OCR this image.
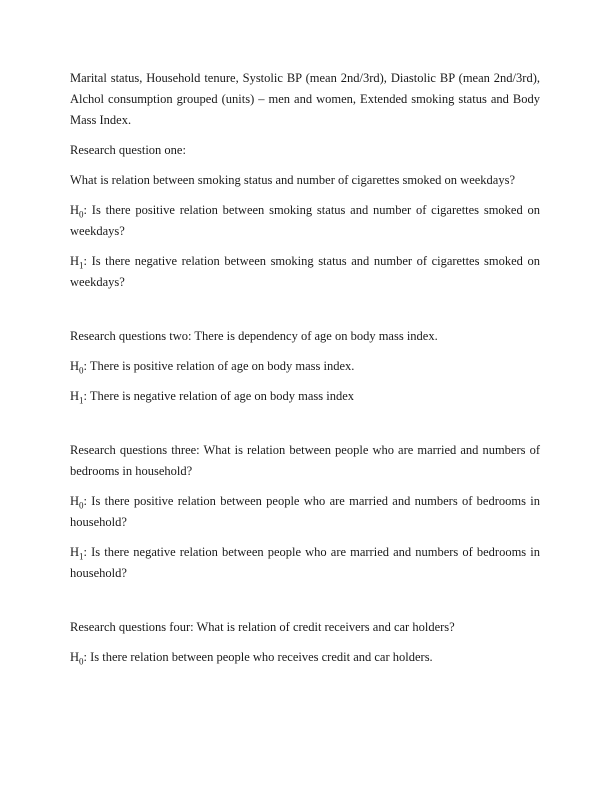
Marital status, Household tenure, Systolic BP (mean 2nd/3rd), Diastolic BP (mean 2nd/3rd), Alchol consumption grouped (units) – men and women, Extended smoking status and Body Mass Index.

Research question one:

What is relation between smoking status and number of cigarettes smoked on weekdays?

$H_0$: Is there positive relation between smoking status and number of cigarettes smoked on weekdays?

$H_1$: Is there negative relation between smoking status and number of cigarettes smoked on weekdays?

Research questions two: There is dependency of age on body mass index.

$H_0$: There is positive relation of age on body mass index.

$H_1$: There is negative relation of age on body mass index

Research questions three: What is relation between people who are married and numbers of bedrooms in household?

$H_0$: Is there positive relation between people who are married and numbers of bedrooms in household?

$H_1$: Is there negative relation between people who are married and numbers of bedrooms in household?

Research questions four: What is relation of credit receivers and car holders?

$H_0$: Is there relation between people who receives credit and car holders.
